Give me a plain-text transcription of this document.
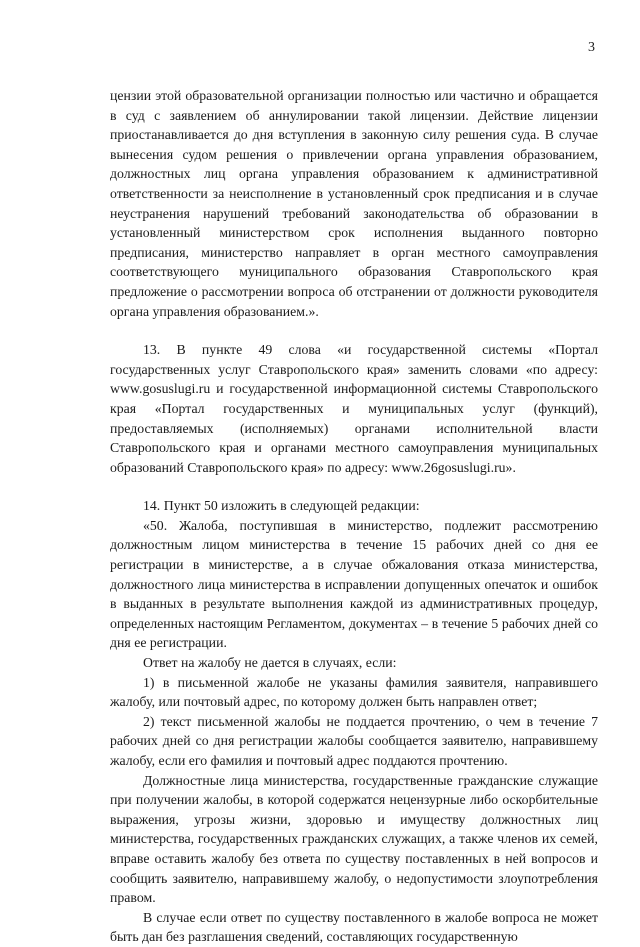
3

цензии этой образовательной организации полностью или частично и обращается в суд с заявлением об аннулировании такой лицензии. Действие лицензии приостанавливается до дня вступления в законную силу решения суда. В случае вынесения судом решения о привлечении органа управления образованием, должностных лиц органа управления образованием к административной ответственности за неисполнение в установленный срок предписания и в случае неустранения нарушений требований законодательства об образовании в установленный министерством срок исполнения выданного повторно предписания, министерство направляет в орган местного самоуправления соответствующего муниципального образования Ставропольского края предложение о рассмотрении вопроса об отстранении от должности руководителя органа управления образованием.».

13. В пункте 49 слова «и государственной системы «Портал государственных услуг Ставропольского края» заменить словами «по адресу: www.gosuslugi.ru и государственной информационной системы Ставропольского края «Портал государственных и муниципальных услуг (функций), предоставляемых (исполняемых) органами исполнительной власти Ставропольского края и органами местного самоуправления муниципальных образований Ставропольского края» по адресу: www.26gosuslugi.ru».

14. Пункт 50 изложить в следующей редакции:

«50. Жалоба, поступившая в министерство, подлежит рассмотрению должностным лицом министерства в течение 15 рабочих дней со дня ее регистрации в министерстве, а в случае обжалования отказа министерства, должностного лица министерства в исправлении допущенных опечаток и ошибок в выданных в результате выполнения каждой из административных процедур, определенных настоящим Регламентом, документах – в течение 5 рабочих дней со дня ее регистрации.

Ответ на жалобу не дается в случаях, если:

1) в письменной жалобе не указаны фамилия заявителя, направившего жалобу, или почтовый адрес, по которому должен быть направлен ответ;

2) текст письменной жалобы не поддается прочтению, о чем в течение 7 рабочих дней со дня регистрации жалобы сообщается заявителю, направившему жалобу, если его фамилия и почтовый адрес поддаются прочтению.

Должностные лица министерства, государственные гражданские служащие при получении жалобы, в которой содержатся нецензурные либо оскорбительные выражения, угрозы жизни, здоровью и имуществу должностных лиц министерства, государственных гражданских служащих, а также членов их семей, вправе оставить жалобу без ответа по существу поставленных в ней вопросов и сообщить заявителю, направившему жалобу, о недопустимости злоупотребления правом.

В случае если ответ по существу поставленного в жалобе вопроса не может быть дан без разглашения сведений, составляющих государственную
